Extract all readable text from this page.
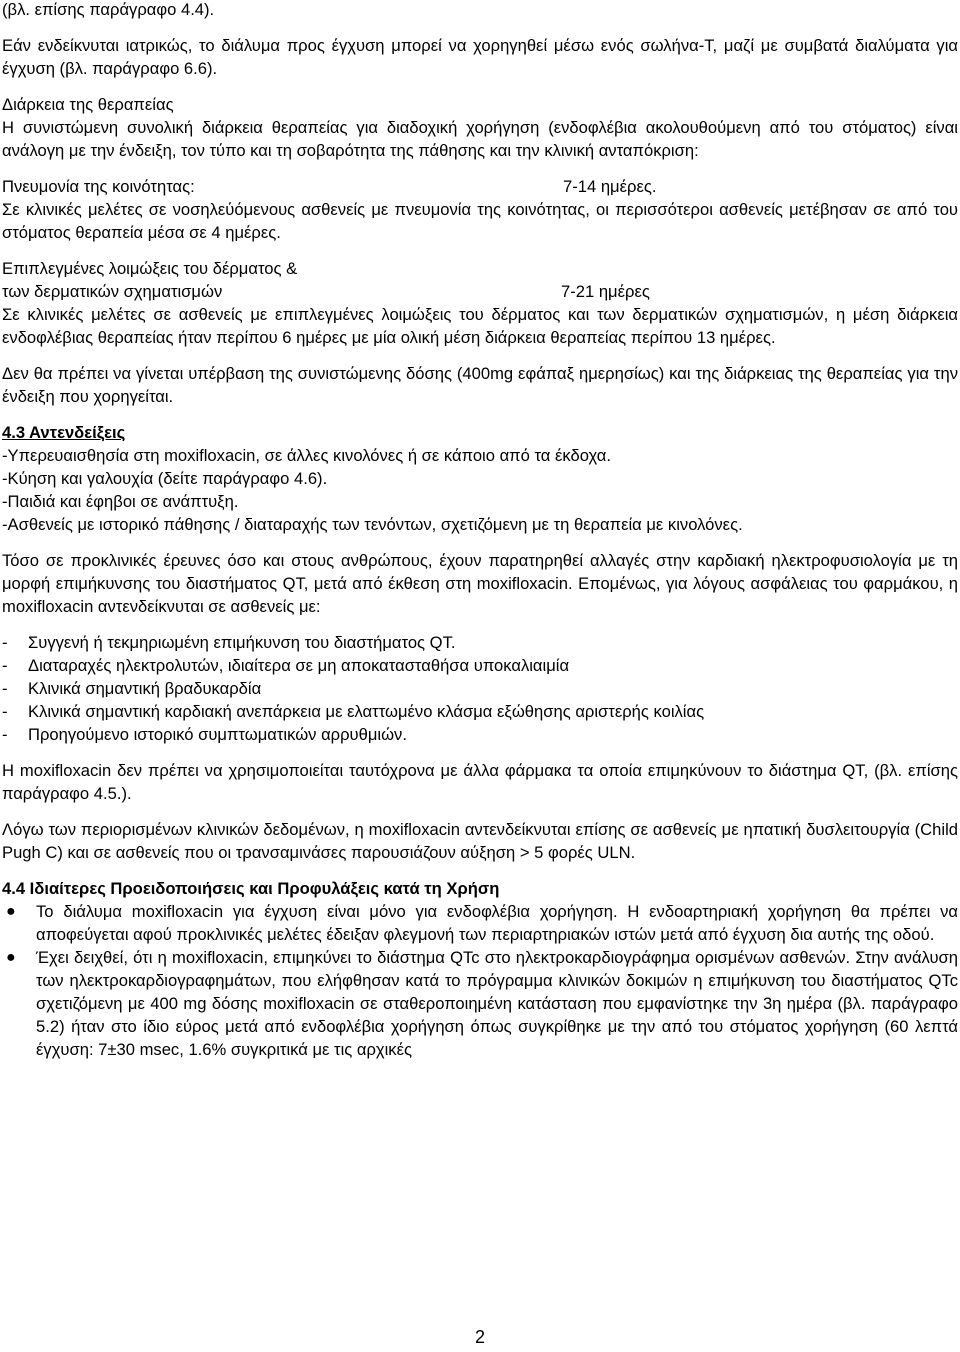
(βλ. επίσης παράγραφο 4.4).

Εάν ενδείκνυται ιατρικώς, το διάλυμα προς έγχυση μπορεί να χορηγηθεί μέσω ενός σωλήνα-T, μαζί με συμβατά διαλύματα για έγχυση (βλ. παράγραφο 6.6).

Διάρκεια της θεραπείας

Η συνιστώμενη συνολική διάρκεια θεραπείας για διαδοχική χορήγηση (ενδοφλέβια ακολουθούμενη από του στόματος) είναι ανάλογη με την ένδειξη, τον τύπο και τη σοβαρότητα της πάθησης και την κλινική ανταπόκριση:

Πνευμονία της κοινότητας:	7-14 ημέρες.

Σε κλινικές μελέτες σε νοσηλεύόμενους ασθενείς με πνευμονία της κοινότητας, οι περισσότεροι ασθενείς μετέβησαν σε από του στόματος θεραπεία μέσα σε 4 ημέρες.

Επιπλεγμένες λοιμώξεις του δέρματος &

των δερματικών σχηματισμών	7-21 ημέρες

Σε κλινικές μελέτες σε ασθενείς με επιπλεγμένες λοιμώξεις του δέρματος και των δερματικών σχηματισμών, η μέση διάρκεια ενδοφλέβιας θεραπείας ήταν περίπου 6 ημέρες με μία ολική μέση διάρκεια θεραπείας περίπου 13 ημέρες.

Δεν θα πρέπει να γίνεται υπέρβαση της συνιστώμενης δόσης (400mg εφάπαξ ημερησίως) και της διάρκειας της θεραπείας για την ένδειξη που χορηγείται.

4.3 Αντενδείξεις

-Υπερευαισθησία στη moxifloxacin, σε άλλες κινολόνες ή σε κάποιο από τα έκδοχα.

-Κύηση και γαλουχία (δείτε παράγραφο 4.6).

-Παιδιά και έφηβοι σε ανάπτυξη.

-Ασθενείς με ιστορικό πάθησης / διαταραχής των τενόντων, σχετιζόμενη με τη θεραπεία με κινολόνες.

Τόσο σε προκλινικές έρευνες όσο και στους ανθρώπους, έχουν παρατηρηθεί αλλαγές στην καρδιακή ηλεκτροφυσιολογία με τη μορφή επιμήκυνσης του διαστήματος QT, μετά από έκθεση στη moxifloxacin. Επομένως, για λόγους ασφάλειας του φαρμάκου, η moxifloxacin αντενδείκνυται σε ασθενείς με:

-	Συγγενή ή τεκμηριωμένη επιμήκυνση του διαστήματος QT.
-	Διαταραχές ηλεκτρολυτών, ιδιαίτερα σε μη αποκατασταθήσα υποκαλιαιμία
-	Κλινικά σημαντική βραδυκαρδία
-	Κλινικά σημαντική καρδιακή ανεπάρκεια με ελαττωμένο κλάσμα εξώθησης αριστερής κοιλίας
-	Προηγούμενο ιστορικό συμπτωματικών αρρυθμιών.

Η moxifloxacin δεν πρέπει να χρησιμοποιείται ταυτόχρονα με άλλα φάρμακα τα οποία επιμηκύνουν το διάστημα QT, (βλ. επίσης παράγραφο 4.5.).

Λόγω των περιορισμένων κλινικών δεδομένων, η moxifloxacin αντενδείκνυται επίσης σε ασθενείς με ηπατική δυσλειτουργία (Child Pugh C) και σε ασθενείς που οι τρανσαμινάσες παρουσιάζουν αύξηση > 5 φορές ULN.

4.4 Ιδιαίτερες Προειδοποιήσεις και Προφυλάξεις κατά τη Χρήση

●	Το διάλυμα moxifloxacin για έγχυση είναι μόνο για ενδοφλέβια χορήγηση. Η ενδοαρτηριακή χορήγηση θα πρέπει να αποφεύγεται αφού προκλινικές μελέτες έδειξαν φλεγμονή των περιαρτηριακών ιστών μετά από έγχυση δια αυτής της οδού.
●	Έχει δειχθεί, ότι η moxifloxacin, επιμηκύνει το διάστημα QTc στο ηλεκτροκαρδιογράφημα ορισμένων ασθενών. Στην ανάλυση των ηλεκτροκαρδιογραφημάτων, που ελήφθησαν κατά το πρόγραμμα κλινικών δοκιμών η επιμήκυνση του διαστήματος QTc σχετιζόμενη με 400 mg δόσης moxifloxacin σε σταθεροποιημένη κατάσταση που εμφανίστηκε την 3η ημέρα (βλ. παράγραφο 5.2) ήταν στο ίδιο εύρος μετά από ενδοφλέβια χορήγηση όπως συγκρίθηκε με την από του στόματος χορήγηση (60 λεπτά έγχυση: 7±30 msec, 1.6% συγκριτικά με τις αρχικές
2
